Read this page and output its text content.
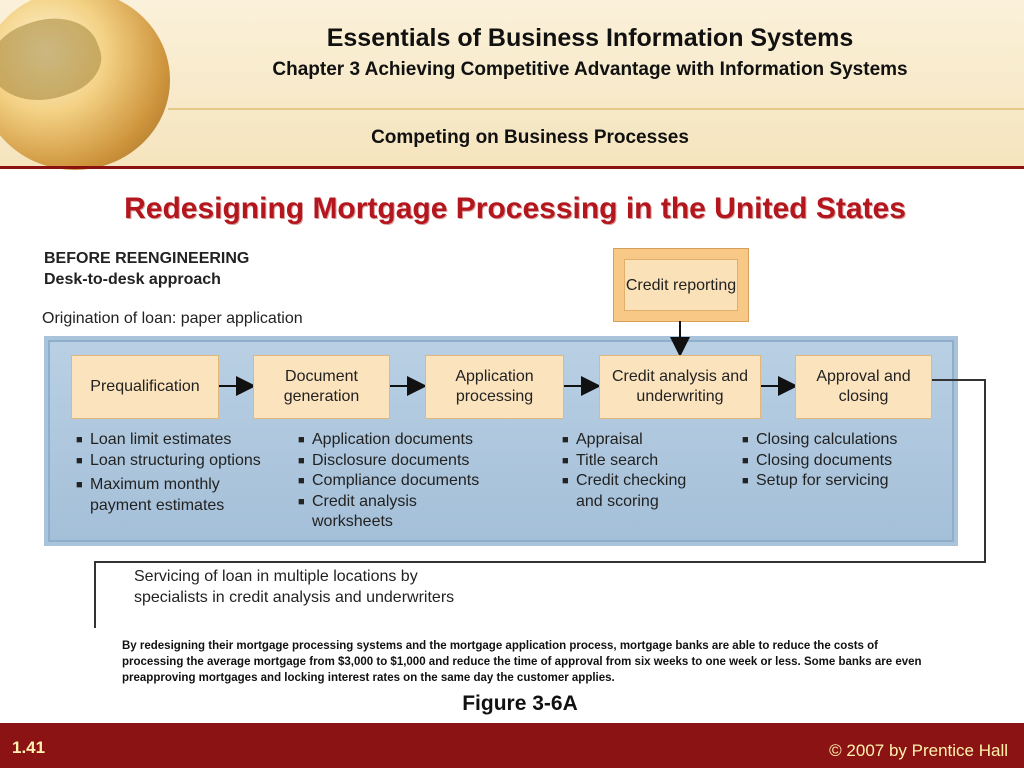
Essentials of Business Information Systems
Chapter 3 Achieving Competitive Advantage with Information Systems
Competing on Business Processes
Redesigning Mortgage Processing in the United States
BEFORE REENGINEERING
Desk-to-desk approach
Origination of loan: paper application
Credit reporting
Prequalification
Document generation
Application processing
Credit analysis and underwriting
Approval and closing
■ Loan limit estimates
■ Loan structuring options
■ Maximum monthly payment estimates
■ Application documents
■ Disclosure documents
■ Compliance documents
■ Credit analysis worksheets
■ Appraisal
■ Title search
■ Credit checking and scoring
■ Closing calculations
■ Closing documents
■ Setup for servicing
Servicing of loan in multiple locations by specialists in credit analysis and underwriters
By redesigning their mortgage processing systems and the mortgage application process, mortgage banks are able to reduce the costs of processing the average mortgage from $3,000 to $1,000 and reduce the time of approval from six weeks to one week or less. Some banks are even preapproving mortgages and locking interest rates on the same day the customer applies.
Figure 3-6A
1.41	© 2007 by Prentice Hall
